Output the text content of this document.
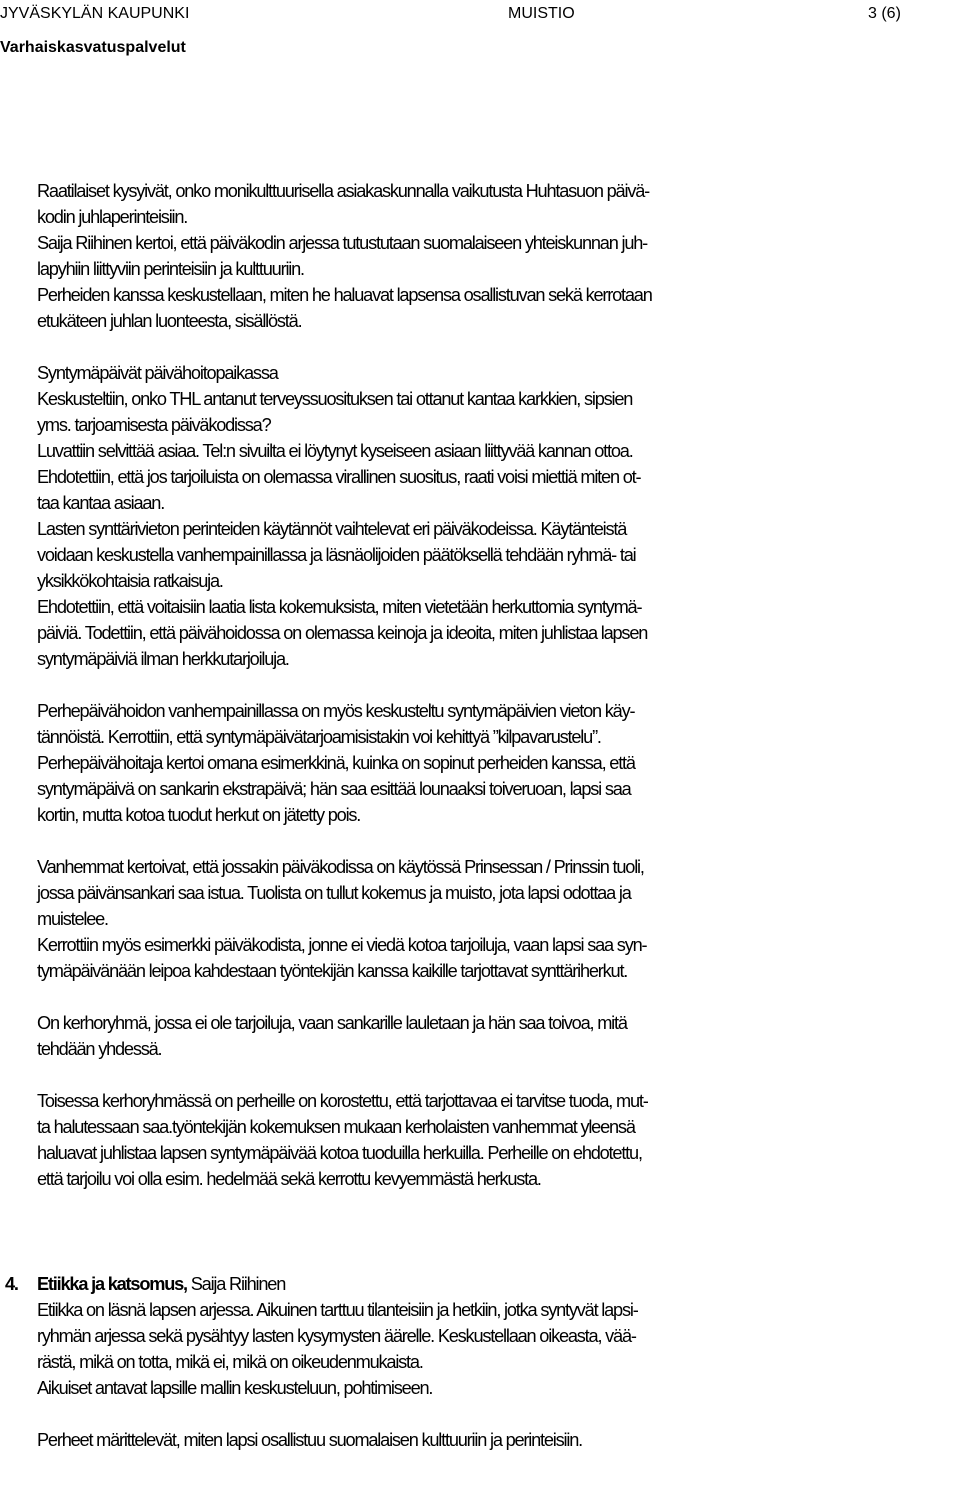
JYVÄSKYLÄN KAUPUNKI	MUISTIO	3 (6)
Varhaiskasvatuspalvelut
Raatilaiset kysyivät, onko monikulttuurisella asiakaskunnalla vaikutusta Huhtasuon päivä-
kodin juhlaperinteisiin.
Saija Riihinen kertoi, että päiväkodin arjessa tutustutaan suomalaiseen yhteiskunnan juh-
lapyhiin liittyviin perinteisiin ja kulttuuriin.
Perheiden kanssa keskustellaan, miten he haluavat lapsensa osallistuvan sekä kerrotaan
etukäteen juhlan luonteesta, sisällöstä.
Syntymäpäivät päivähoitopaikassa
Keskusteltiin, onko THL antanut terveyssuosituksen tai ottanut kantaa karkkien, sipsien
yms. tarjoamisesta päiväkodissa?
Luvattiin selvittää asiaa. Tel:n sivuilta ei löytynyt kyseiseen asiaan liittyvää kannan ottoa.
Ehdotettiin, että jos tarjoiluista on olemassa virallinen suositus, raati voisi miettiä miten ot-
taa kantaa asiaan.
Lasten synttärivieton perinteiden käytännöt vaihtelevat eri päiväkodeissa. Käytänteistä
voidaan keskustella vanhempainillassa ja läsnäolijoiden päätöksellä tehdään ryhmä- tai
yksikkökohtaisia ratkaisuja.
Ehdotettiin, että voitaisiin laatia lista kokemuksista, miten vietetään herkuttomia syntymä-
päiviä. Todettiin, että päivähoidossa on olemassa keinoja ja ideoita, miten juhlistaa lapsen
syntymäpäiviä ilman herkkutarjoiluja.
Perhepäivähoidon vanhempainillassa on myös keskusteltu syntymäpäivien vieton käy-
tännöistä. Kerrottiin, että syntymäpäivätarjoamisistakin voi kehittyä ”kilpavarustelu”.
Perhepäivähoitaja kertoi omana esimerkkinä, kuinka on sopinut perheiden kanssa, että
syntymäpäivä on sankarin ekstrapäivä; hän saa esittää lounaaksi toiveruoan, lapsi saa
kortin, mutta kotoa tuodut herkut on jätetty pois.
Vanhemmat kertoivat, että jossakin päiväkodissa on käytössä Prinsessan / Prinssin tuoli,
jossa päivänsankari saa istua. Tuolista on tullut kokemus ja muisto, jota lapsi odottaa ja
muistelee.
Kerrottiin myös esimerkki päiväkodista, jonne ei viedä kotoa tarjoiluja, vaan lapsi saa syn-
tymäpäivänään leipoa kahdestaan työntekijän kanssa kaikille tarjottavat synttäriherkut.
On kerhoryhmä, jossa ei ole tarjoiluja, vaan sankarille lauletaan ja hän saa toivoa, mitä
tehdään yhdessä.
Toisessa kerhoryhmässä on perheille on korostettu, että tarjottavaa ei tarvitse tuoda, mut-
ta halutessaan saa.työntekijän kokemuksen mukaan kerholaisten vanhemmat yleensä
haluavat juhlistaa lapsen syntymäpäivää kotoa tuoduilla herkuilla. Perheille on ehdotettu,
että tarjoilu voi olla esim. hedelmää sekä kerrottu kevyemmästä herkusta.
4. Etiikka ja katsomus, Saija Riihinen
Etiikka on läsnä lapsen arjessa. Aikuinen tarttuu tilanteisiin ja hetkiin, jotka syntyvät lapsi-
ryhmän arjessa sekä pysähtyy lasten kysymysten äärelle. Keskustellaan oikeasta, vää-
rästä, mikä on totta, mikä ei, mikä on oikeudenmukaista.
Aikuiset antavat lapsille mallin keskusteluun, pohtimiseen.
Perheet märittelevät, miten lapsi osallistuu suomalaisen kulttuuriin ja perinteisiin.
